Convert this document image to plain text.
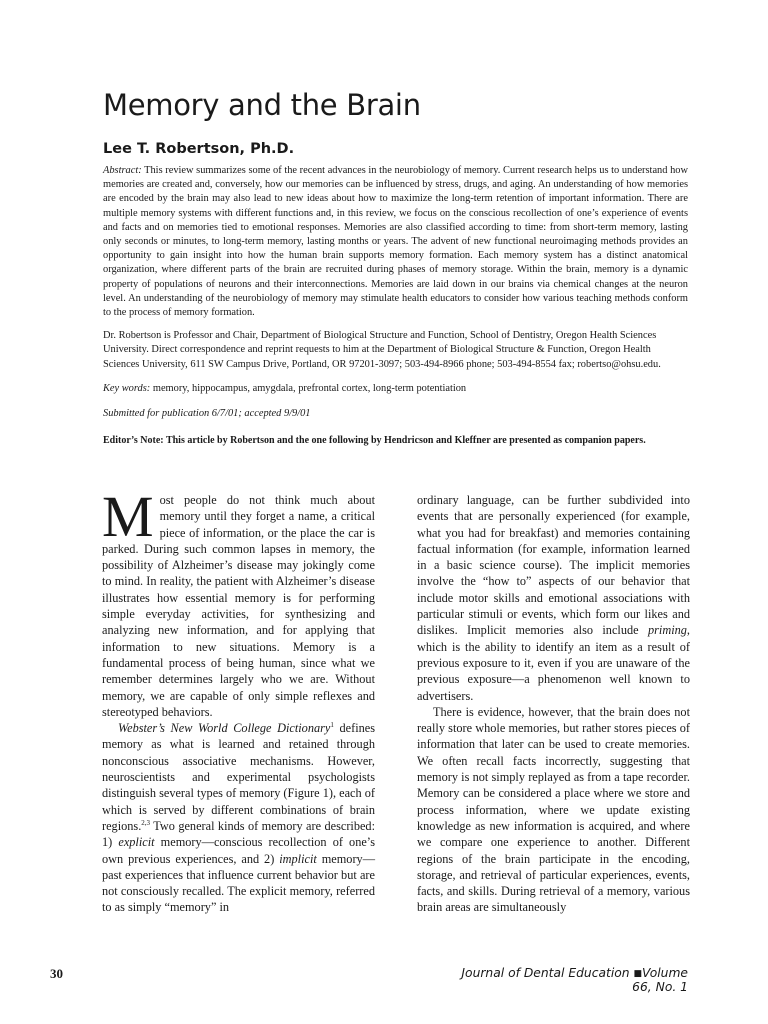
Memory and the Brain
Lee T. Robertson, Ph.D.

Abstract: This review summarizes some of the recent advances in the neurobiology of memory. Current research helps us to understand how memories are created and, conversely, how our memories can be influenced by stress, drugs, and aging. An understanding of how memories are encoded by the brain may also lead to new ideas about how to maximize the long-term retention of important information. There are multiple memory systems with different functions and, in this review, we focus on the conscious recollection of one’s experience of events and facts and on memories tied to emotional responses. Memories are also classified according to time: from short-term memory, lasting only seconds or minutes, to long-term memory, lasting months or years. The advent of new functional neuroimaging methods provides an opportunity to gain insight into how the human brain supports memory formation. Each memory system has a distinct anatomical organization, where different parts of the brain are recruited during phases of memory storage. Within the brain, memory is a dynamic property of populations of neurons and their interconnections. Memories are laid down in our brains via chemical changes at the neuron level. An understanding of the neurobiology of memory may stimulate health educators to consider how various teaching methods conform to the process of memory formation.

Dr. Robertson is Professor and Chair, Department of Biological Structure and Function, School of Dentistry, Oregon Health Sciences University. Direct correspondence and reprint requests to him at the Department of Biological Structure & Function, Oregon Health Sciences University, 611 SW Campus Drive, Portland, OR 97201-3097; 503-494-8966 phone; 503-494-8554 fax; robertso@ohsu.edu.

Key words: memory, hippocampus, amygdala, prefrontal cortex, long-term potentiation

Submitted for publication 6/7/01; accepted 9/9/01

Editor’s Note: This article by Robertson and the one following by Hendricson and Kleffner are presented as companion papers.

Most people do not think much about memory until they forget a name, a critical piece of information, or the place the car is parked. During such common lapses in memory, the possibility of Alzheimer’s disease may jokingly come to mind. In reality, the patient with Alzheimer’s disease illustrates how essential memory is for performing simple everyday activities, for synthesizing and analyzing new information, and for applying that information to new situations. Memory is a fundamental process of being human, since what we remember determines largely who we are. Without memory, we are capable of only simple reflexes and stereotyped behaviors.

Webster’s New World College Dictionary$^1$ defines memory as what is learned and retained through nonconscious associative mechanisms. However, neuroscientists and experimental psychologists distinguish several types of memory (Figure 1), each of which is served by different combinations of brain regions.$^{2,3}$ Two general kinds of memory are described: 1) explicit memory—conscious recollection of one’s own previous experiences, and 2) implicit memory—past experiences that influence current behavior but are not consciously recalled. The explicit memory, referred to as simply “memory” in

ordinary language, can be further subdivided into events that are personally experienced (for example, what you had for breakfast) and memories containing factual information (for example, information learned in a basic science course). The implicit memories involve the “how to” aspects of our behavior that include motor skills and emotional associations with particular stimuli or events, which form our likes and dislikes. Implicit memories also include priming, which is the ability to identify an item as a result of previous exposure to it, even if you are unaware of the previous exposure—a phenomenon well known to advertisers.

There is evidence, however, that the brain does not really store whole memories, but rather stores pieces of information that later can be used to create memories. We often recall facts incorrectly, suggesting that memory is not simply replayed as from a tape recorder. Memory can be considered a place where we store and process information, where we update existing knowledge as new information is acquired, and where we compare one experience to another. Different regions of the brain participate in the encoding, storage, and retrieval of particular experiences, events, facts, and skills. During retrieval of a memory, various brain areas are simultaneously

30	Journal of Dental Education ■Volume 66, No. 1
